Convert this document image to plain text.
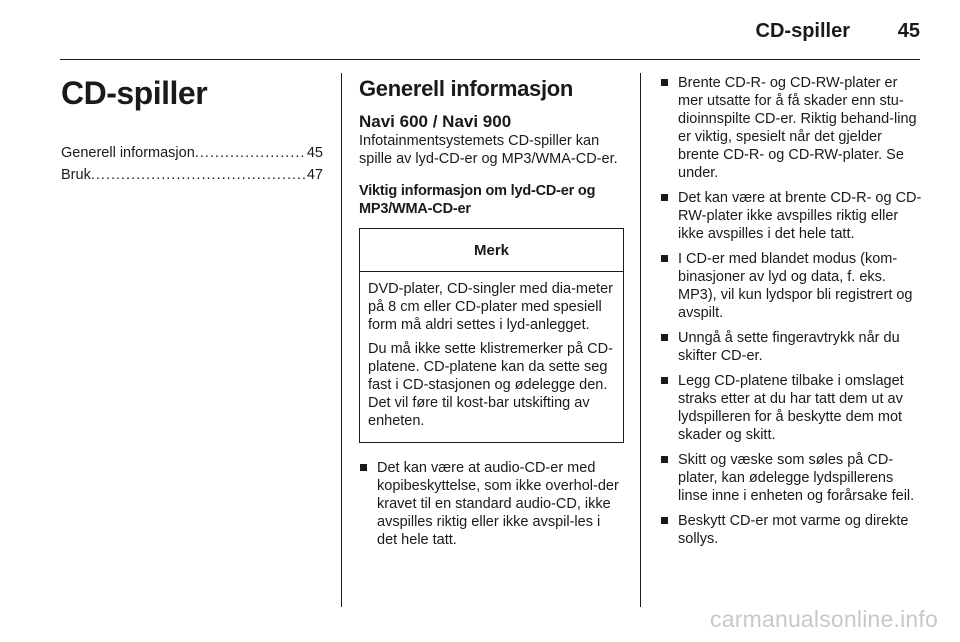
CD-spiller	45
CD-spiller
Generell informasjon .....	45
Bruk .....	47
Generell informasjon
Navi 600 / Navi 900

Infotainmentsystemets CD-spiller kan spille av lyd-CD-er og MP3/WMA-CD-er.

Viktig informasjon om lyd-CD-er og MP3/WMA-CD-er

Merk

DVD-plater, CD-singler med dia-meter på 8 cm eller CD-plater med spesiell form må aldri settes i lyd-anlegget.

Du må ikke sette klistremerker på CD-platene. CD-platene kan da sette seg fast i CD-stasjonen og ødelegge den. Det vil føre til kost-bar utskifting av enheten.

Det kan være at audio-CD-er med kopibeskyttelse, som ikke overhol-der kravet til en standard audio-CD, ikke avspilles riktig eller ikke avspil-les i det hele tatt.
Brente CD-R- og CD-RW-plater er mer utsatte for å få skader enn stu-dioinnspilte CD-er. Riktig behand-ling er viktig, spesielt når det gjelder brente CD-R- og CD-RW-plater. Se under.
Det kan være at brente CD-R- og CD-RW-plater ikke avspilles riktig eller ikke avspilles i det hele tatt.
I CD-er med blandet modus (kom-binasjoner av lyd og data, f. eks. MP3), vil kun lydspor bli registrert og avspilt.
Unngå å sette fingeravtrykk når du skifter CD-er.
Legg CD-platene tilbake i omslaget straks etter at du har tatt dem ut av lydspilleren for å beskytte dem mot skader og skitt.
Skitt og væske som søles på CD-plater, kan ødelegge lydspillerens linse inne i enheten og forårsake feil.
Beskytt CD-er mot varme og direkte sollys.
carmanualsonline.info
